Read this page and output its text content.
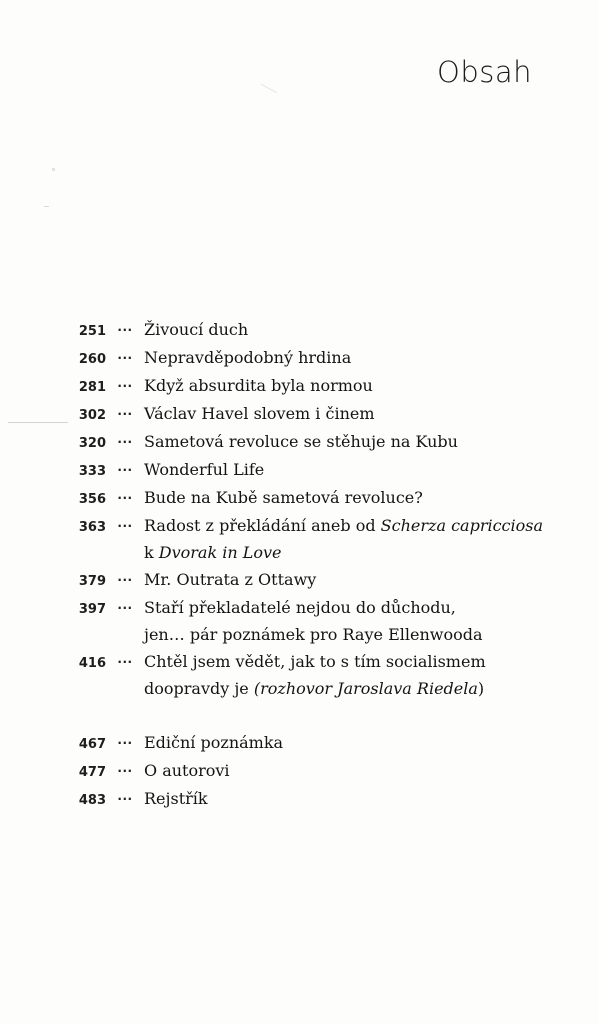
Obsah
251 ··· Živoucí duch
260 ··· Nepravděpodobný hrdina
281 ··· Když absurdita byla normou
302 ··· Václav Havel slovem i činem
320 ··· Sametová revoluce se stěhuje na Kubu
333 ··· Wonderful Life
356 ··· Bude na Kubě sametová revoluce?
363 ··· Radost z překládání aneb od Scherza capricciosa
k Dvorak in Love
379 ··· Mr. Outrata z Ottawy
397 ··· Staří překladatelé nejdou do důchodu,
jen… pár poznámek pro Raye Ellenwooda
416 ··· Chtěl jsem vědět, jak to s tím socialismem
doopravdy je (rozhovor Jaroslava Riedela)
467 ··· Ediční poznámka
477 ··· O autorovi
483 ··· Rejstřík
